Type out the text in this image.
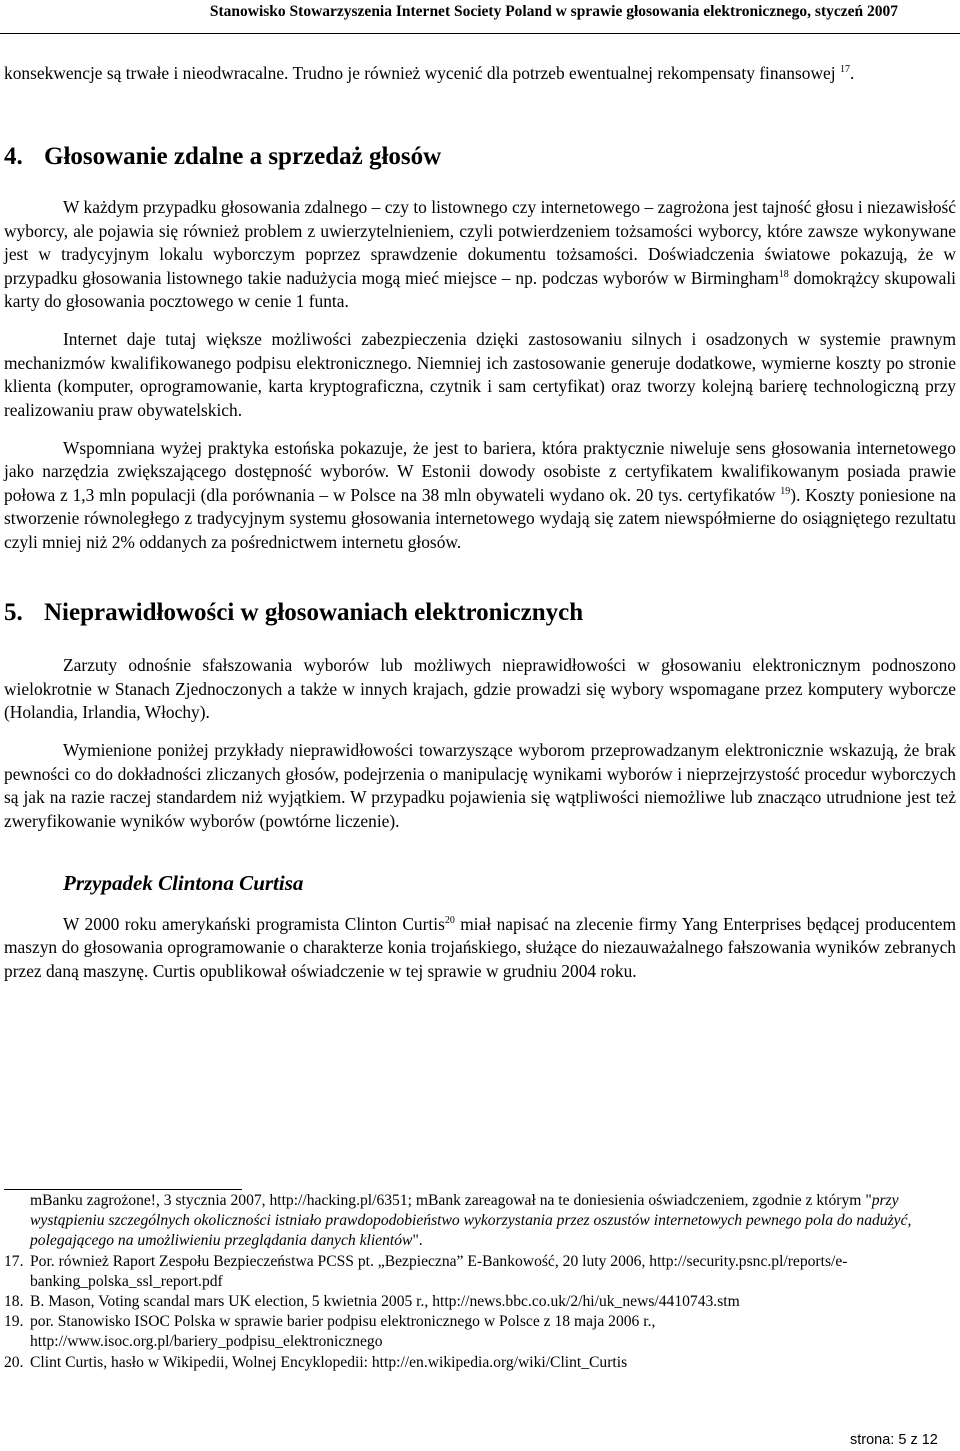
Stanowisko Stowarzyszenia Internet Society Poland w sprawie głosowania elektronicznego, styczeń 2007

konsekwencje są trwałe i nieodwracalne. Trudno je również wycenić dla potrzeb ewentualnej rekompensaty finansowej $^{17}$.

4. Głosowanie zdalne a sprzedaż głosów

W każdym przypadku głosowania zdalnego – czy to listownego czy internetowego – zagrożona jest tajność głosu i niezawisłość wyborcy, ale pojawia się również problem z uwierzytelnieniem, czyli potwierdzeniem tożsamości wyborcy, które zawsze wykonywane jest w tradycyjnym lokalu wyborczym poprzez sprawdzenie dokumentu tożsamości. Doświadczenia światowe pokazują, że w przypadku głosowania listownego takie nadużycia mogą mieć miejsce – np. podczas wyborów w Birmingham$^{18}$ domokrążcy skupowali karty do głosowania pocztowego w cenie 1 funta.

Internet daje tutaj większe możliwości zabezpieczenia dzięki zastosowaniu silnych i osadzonych w systemie prawnym mechanizmów kwalifikowanego podpisu elektronicznego. Niemniej ich zastosowanie generuje dodatkowe, wymierne koszty po stronie klienta (komputer, oprogramowanie, karta kryptograficzna, czytnik i sam certyfikat) oraz tworzy kolejną barierę technologiczną przy realizowaniu praw obywatelskich.

Wspomniana wyżej praktyka estońska pokazuje, że jest to bariera, która praktycznie niweluje sens głosowania internetowego jako narzędzia zwiększającego dostępność wyborów. W Estonii dowody osobiste z certyfikatem kwalifikowanym posiada prawie połowa z 1,3 mln populacji (dla porównania – w Polsce na 38 mln obywateli wydano ok. 20 tys. certyfikatów $^{19}$). Koszty poniesione na stworzenie równoległego z tradycyjnym systemu głosowania internetowego wydają się zatem niewspółmierne do osiągniętego rezultatu czyli mniej niż 2% oddanych za pośrednictwem internetu głosów.

5. Nieprawidłowości w głosowaniach elektronicznych

Zarzuty odnośnie sfałszowania wyborów lub możliwych nieprawidłowości w głosowaniu elektronicznym podnoszono wielokrotnie w Stanach Zjednoczonych a także w innych krajach, gdzie prowadzi się wybory wspomagane przez komputery wyborcze (Holandia, Irlandia, Włochy).

Wymienione poniżej przykłady nieprawidłowości towarzyszące wyborom przeprowadzanym elektronicznie wskazują, że brak pewności co do dokładności zliczanych głosów, podejrzenia o manipulację wynikami wyborów i nieprzejrzystość procedur wyborczych są jak na razie raczej standardem niż wyjątkiem. W przypadku pojawienia się wątpliwości niemożliwe lub znacząco utrudnione jest też zweryfikowanie wyników wyborów (powtórne liczenie).

Przypadek Clintona Curtisa

W 2000 roku amerykański programista Clinton Curtis$^{20}$ miał napisać na zlecenie firmy Yang Enterprises będącej producentem maszyn do głosowania oprogramowanie o charakterze konia trojańskiego, służące do niezauważalnego fałszowania wyników zebranych przez daną maszynę. Curtis opublikował oświadczenie w tej sprawie w grudniu 2004 roku.

mBanku zagrożone!, 3 stycznia 2007, http://hacking.pl/6351; mBank zareagował na te doniesienia oświadczeniem, zgodnie z którym "przy wystąpieniu szczególnych okoliczności istniało prawdopodobieństwo wykorzystania przez oszustów internetowych pewnego pola do nadużyć, polegającego na umożliwieniu przeglądania danych klientów".
17. Por. również Raport Zespołu Bezpieczeństwa PCSS pt. „Bezpieczna” E-Bankowość, 20 luty 2006, http://security.psnc.pl/reports/e-banking_polska_ssl_report.pdf
18. B. Mason, Voting scandal mars UK election, 5 kwietnia 2005 r., http://news.bbc.co.uk/2/hi/uk_news/4410743.stm
19. por. Stanowisko ISOC Polska w sprawie barier podpisu elektronicznego w Polsce z 18 maja 2006 r., http://www.isoc.org.pl/bariery_podpisu_elektronicznego
20. Clint Curtis, hasło w Wikipedii, Wolnej Encyklopedii: http://en.wikipedia.org/wiki/Clint_Curtis
strona: 5 z 12
